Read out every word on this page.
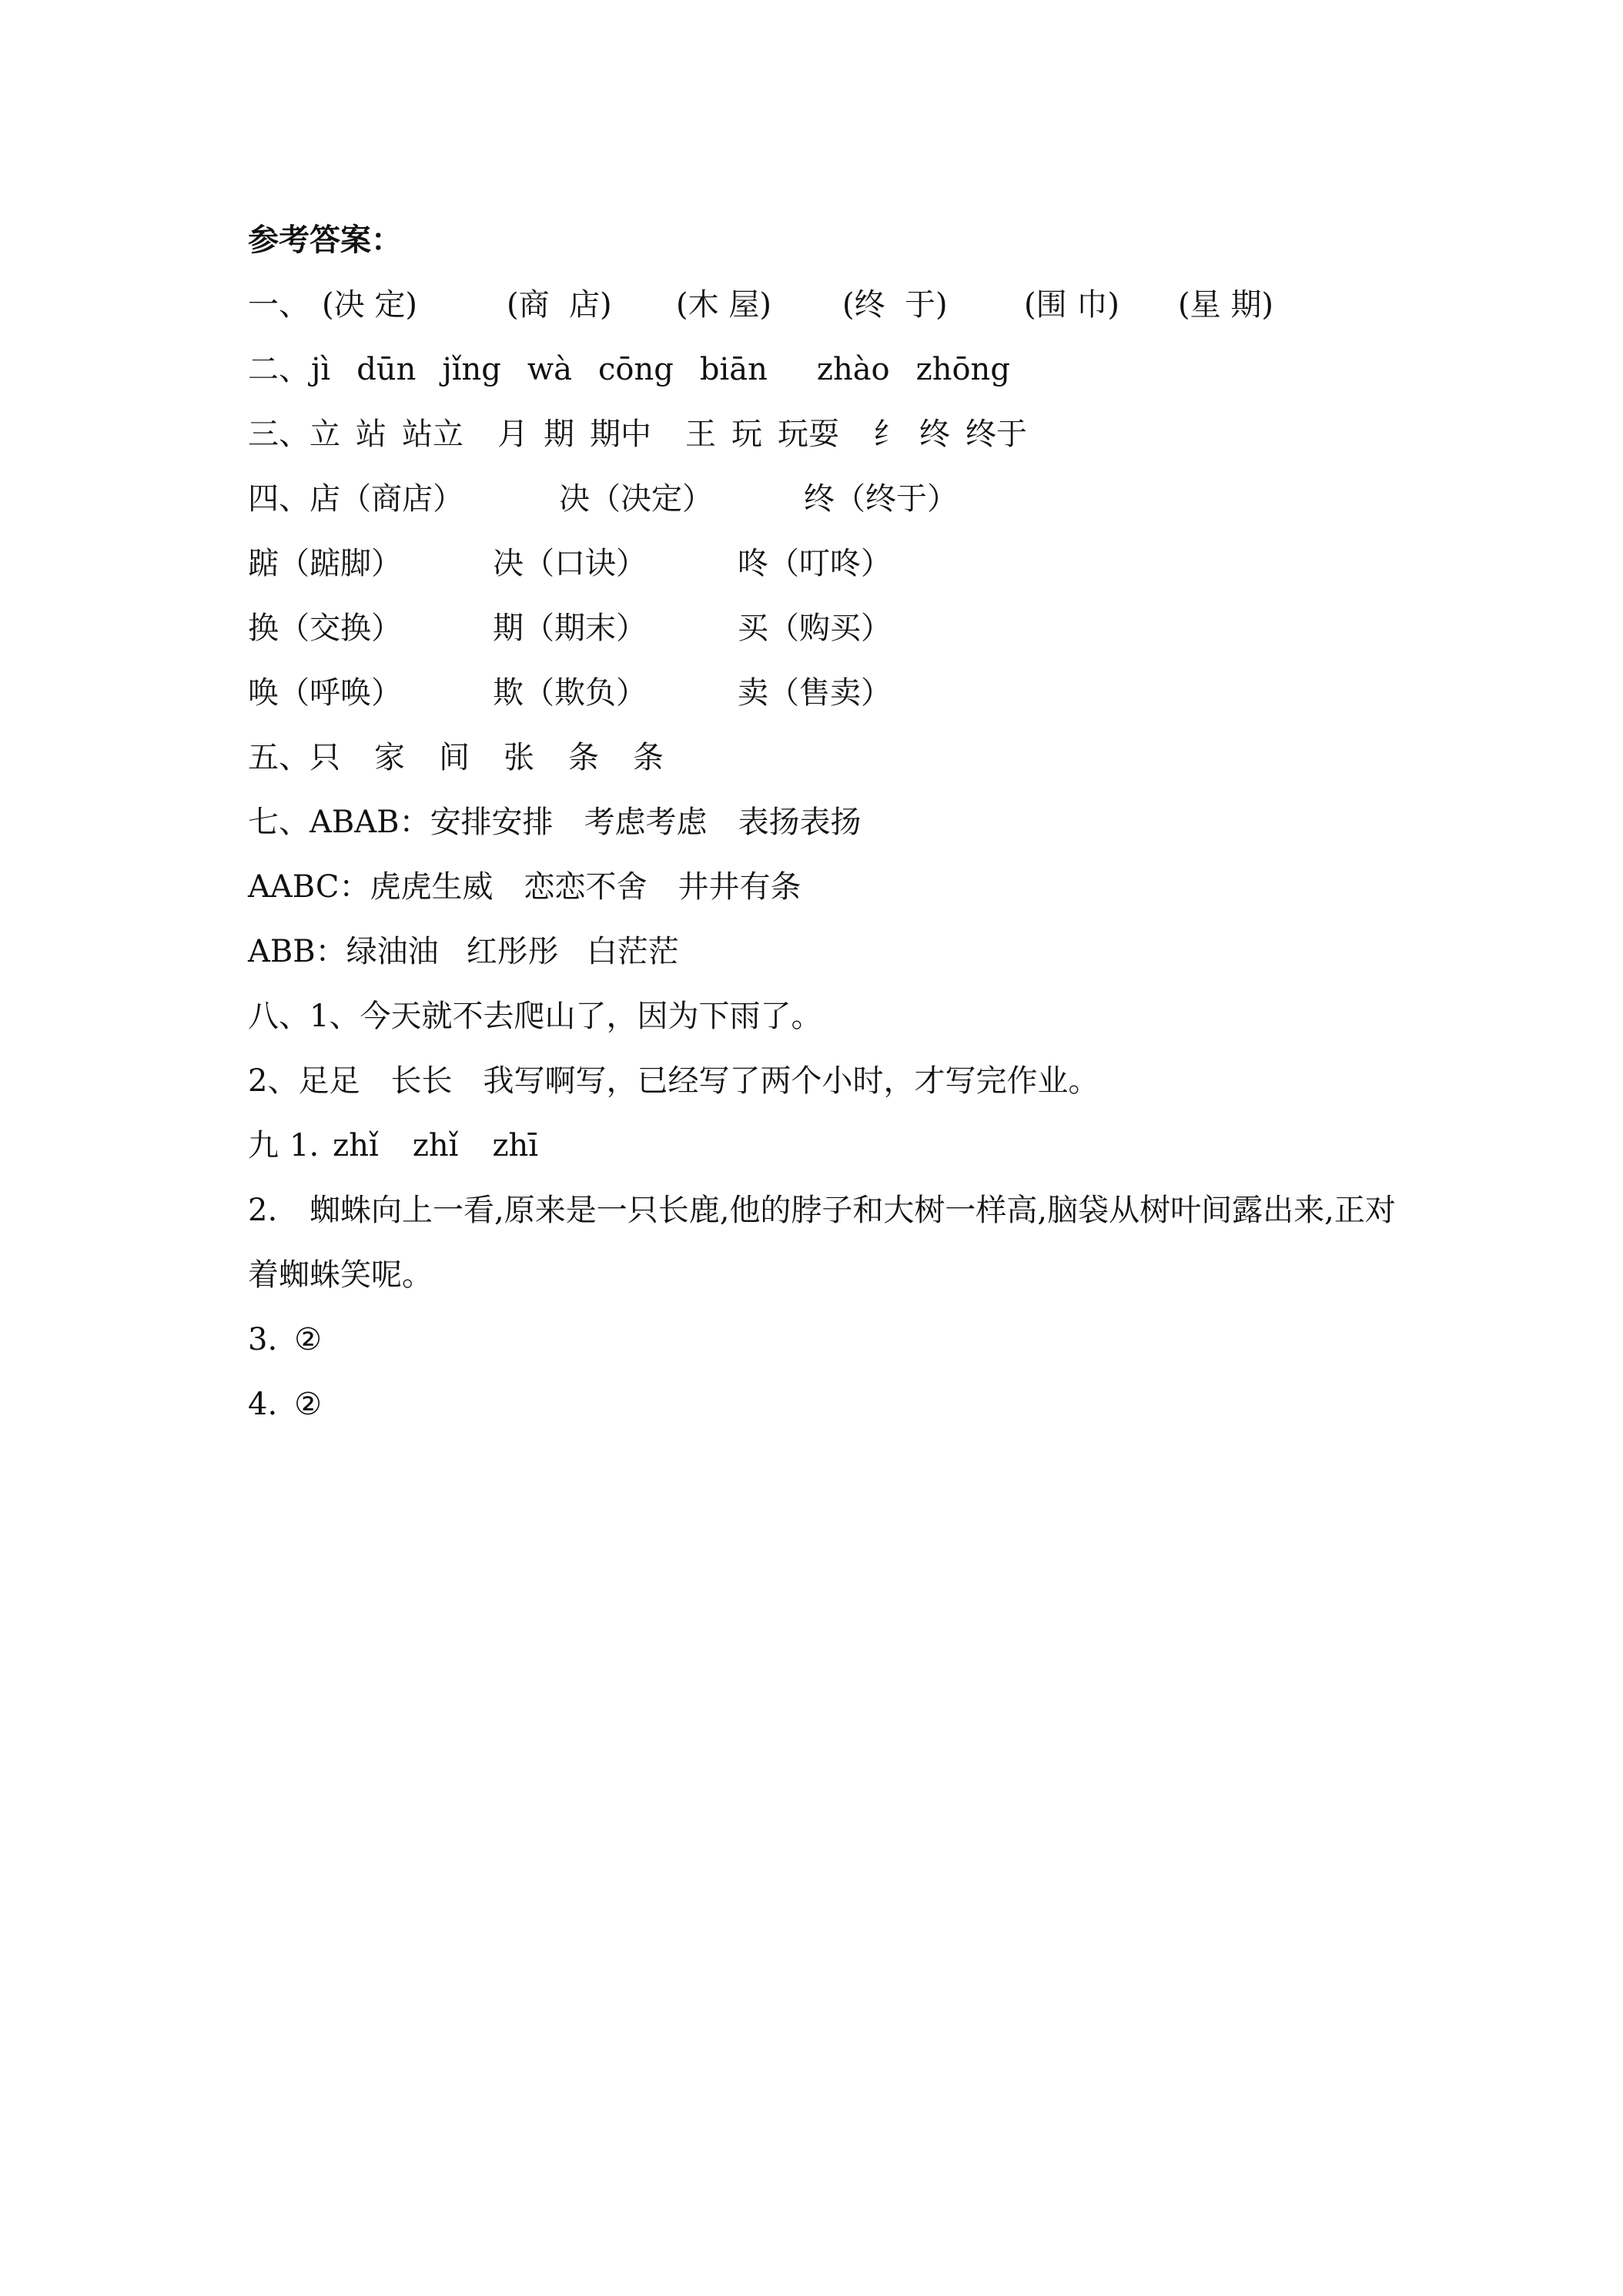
参考答案：
一、 (决 定)	(商  店) (木 屋) (终  于) (围 巾) (星 期)
二、jì dūn jǐng wà cōng biān zhào zhōng
三、立 站 站立 月 期 期中 王 玩 玩耍 纟 终 终于
四、店（商店）	决（决定）	终（终于）
踮（踮脚）	决（口诀）	咚（叮咚）
换（交换）	期（期末）	买（购买）
唤（呼唤）	欺（欺负）	卖（售卖）
五、只 家 间 张 条 条
七、ABAB：安排安排 考虑考虑 表扬表扬
AABC：虎虎生威 恋恋不舍 井井有条
ABB：绿油油 红彤彤 白茫茫
八、1、今天就不去爬山了，因为下雨了。
2、足足 长长 我写啊写，已经写了两个小时，才写完作业。
九 1. zhǐ zhǐ zhī
2. 蜘蛛向上一看,原来是一只长鹿,他的脖子和大树一样高,脑袋从树叶间露出来,正对着蜘蛛笑呢。
3. ②
4. ②
